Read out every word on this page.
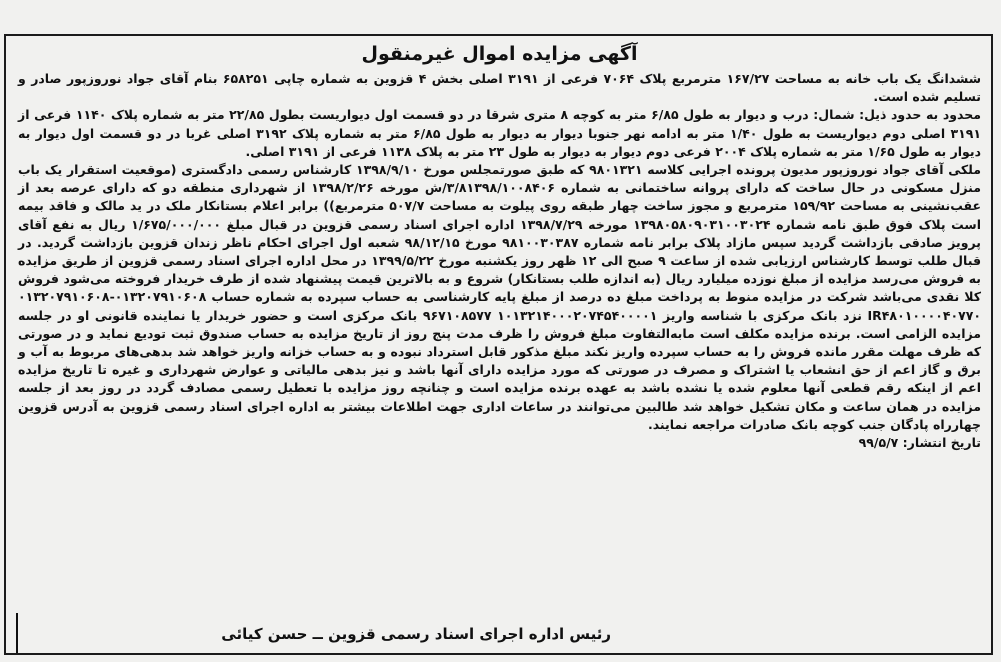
آگهی مزایده اموال غیرمنقول

ششدانگ یک باب خانه به مساحت ۱۶۷/۲۷ مترمربع پلاک ۷۰۶۴ فرعی از ۳۱۹۱ اصلی بخش ۴ قزوین به شماره چاپی ۶۵۸۲۵۱ بنام آقای جواد نوروزپور صادر و تسلیم شده است.

محدود به حدود ذیل: شمال: درب و دیوار به طول ۶/۸۵ متر به کوچه ۸ متری شرقا در دو قسمت اول دیواریست بطول ۲۲/۸۵ متر به شماره پلاک ۱۱۴۰ فرعی از ۳۱۹۱ اصلی دوم دیواریست به طول ۱/۴۰ متر به ادامه نهر جنوبا دیوار به دیوار به طول ۶/۸۵ متر به شماره پلاک ۳۱۹۲ اصلی غربا در دو قسمت اول دیوار به دیوار به طول ۱/۶۵ متر به شماره پلاک ۲۰۰۴ فرعی دوم دیوار به دیوار به طول ۲۳ متر به پلاک ۱۱۳۸ فرعی از ۳۱۹۱ اصلی.

ملکی آقای جواد نوروزپور مدیون پرونده اجرایی کلاسه ۹۸۰۱۳۲۱ که طبق صورتمجلس مورخ ۱۳۹۸/۹/۱۰ کارشناس رسمی دادگستری (موقعیت استقرار یک باب منزل مسکونی در حال ساخت که دارای پروانه ساختمانی به شماره ۳/۸۱۳۹۸/۱۰۰۸۴۰۶/ش مورخه ۱۳۹۸/۲/۲۶ از شهرداری منطقه دو که دارای عرصه بعد از عقب‌نشینی به مساحت ۱۵۹/۹۲ مترمربع و مجوز ساخت چهار طبقه روی پیلوت به مساحت ۵۰۷/۷ مترمربع)) برابر اعلام بستانکار ملک در ید مالک و فاقد بیمه است پلاک فوق طبق نامه شماره ۱۳۹۸۰۵۸۰۹۰۳۱۰۰۳۰۲۴ مورخه ۱۳۹۸/۷/۲۹ اداره اجرای اسناد رسمی قزوین در قبال مبلغ ۱/۶۷۵/۰۰۰/۰۰۰ ریال به نفع آقای پرویز صادقی بازداشت گردید سپس مازاد پلاک برابر نامه شماره ۹۸۱۰۰۳۰۳۸۷ مورخ ۹۸/۱۲/۱۵ شعبه اول اجرای احکام ناظر زندان قزوین بازداشت گردید. در قبال طلب توسط کارشناس ارزیابی شده از ساعت ۹ صبح الی ۱۲ ظهر روز یکشنبه مورخ ۱۳۹۹/۵/۲۲ در محل اداره اجرای اسناد رسمی قزوین از طریق مزایده به فروش می‌رسد مزایده از مبلغ نوزده میلیارد ریال (به اندازه طلب بستانکار) شروع و به بالاترین قیمت پیشنهاد شده از طرف خریدار فروخته می‌شود فروش کلا نقدی می‌باشد شرکت در مزایده منوط به پرداخت مبلغ ده درصد از مبلغ پایه کارشناسی به حساب سپرده به شماره حساب ۰۱۳۲۰۷۹۱۰۶۰۸-۰۱۳۲۰۷۹۱۰۶۰۸ IR۴۸۰۱۰۰۰۰۴۰۷۷۰ نزد بانک مرکزی با شناسه واریز ۱۰۱۳۲۱۴۰۰۰۲۰۷۴۵۴۰۰۰۰۱ ۹۶۷۱۰۸۵۷۷ بانک مرکزی است و حضور خریدار یا نماینده قانونی او در جلسه مزایده الزامی است. برنده مزایده مکلف است مابه‌التفاوت مبلغ فروش را ظرف مدت پنج روز از تاریخ مزایده به حساب صندوق ثبت تودیع نماید و در صورتی که ظرف مهلت مقرر مانده فروش را به حساب سپرده واریز نکند مبلغ مذکور قابل استرداد نبوده و به حساب خزانه واریز خواهد شد بدهی‌های مربوط به آب و برق و گاز اعم از حق انشعاب یا اشتراک و مصرف در صورتی که مورد مزایده دارای آنها باشد و نیز بدهی مالیاتی و عوارض شهرداری و غیره تا تاریخ مزایده اعم از اینکه رقم قطعی آنها معلوم شده یا نشده باشد به عهده برنده مزایده است و چنانچه روز مزایده با تعطیل رسمی مصادف گردد در روز بعد از جلسه مزایده در همان ساعت و مکان تشکیل خواهد شد طالبین می‌توانند در ساعات اداری جهت اطلاعات بیشتر به اداره اجرای اسناد رسمی قزوین به آدرس قزوین چهارراه پادگان جنب کوچه بانک صادرات مراجعه نمایند.

تاریخ انتشار: ۹۹/۵/۷

رئیس اداره اجرای اسناد رسمی قزوین ــ حسن کیائی
